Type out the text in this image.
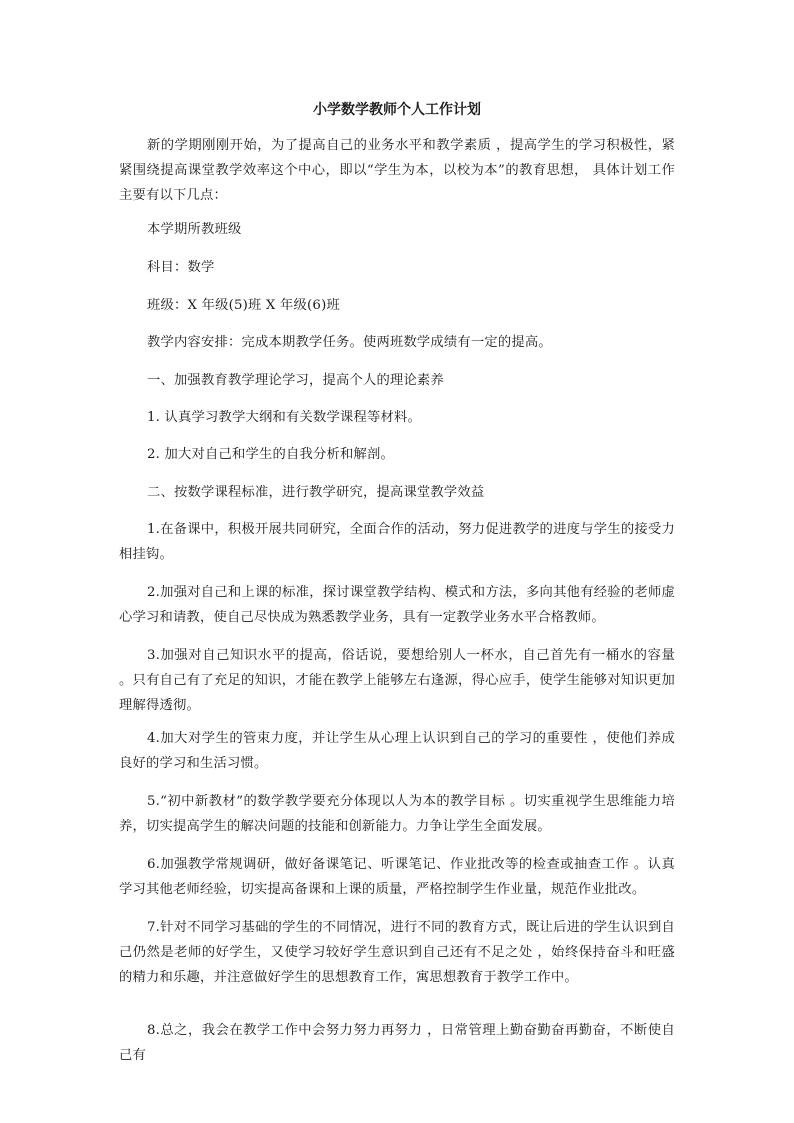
小学数学教师个人工作计划
新的学期刚刚开始，为了提高自己的业务水平和教学素质 ，提高学生的学习积极性，紧紧围绕提高课堂教学效率这个中心，即以“学生为本，以校为本”的教育思想， 具体计划工作主要有以下几点：
本学期所教班级
科目：数学
班级：X 年级(5)班 X 年级(6)班
教学内容安排：完成本期教学任务。使两班数学成绩有一定的提高。
一、加强教育教学理论学习，提高个人的理论素养
1. 认真学习教学大纲和有关数学课程等材料。
2. 加大对自己和学生的自我分析和解剖。
二、按数学课程标准，进行教学研究，提高课堂教学效益
1.在备课中，积极开展共同研究，全面合作的活动，努力促进教学的进度与学生的接受力相挂钩。
2.加强对自己和上课的标准，探讨课堂教学结构、模式和方法，多向其他有经验的老师虚心学习和请教，使自己尽快成为熟悉教学业务，具有一定教学业务水平合格教师。
3.加强对自己知识水平的提高，俗话说，要想给别人一杯水，自己首先有一桶水的容量 。只有自己有了充足的知识，才能在教学上能够左右逢源，得心应手，使学生能够对知识更加理解得透彻。
4.加大对学生的管束力度，并让学生从心理上认识到自己的学习的重要性 ，使他们养成良好的学习和生活习惯。
5.“初中新教材”的数学教学要充分体现以人为本的教学目标 。切实重视学生思维能力培养，切实提高学生的解决问题的技能和创新能力。力争让学生全面发展。
6.加强教学常规调研，做好备课笔记、听课笔记、作业批改等的检查或抽查工作 。认真学习其他老师经验，切实提高备课和上课的质量，严格控制学生作业量，规范作业批改。
7.针对不同学习基础的学生的不同情况，进行不同的教育方式，既让后进的学生认识到自己仍然是老师的好学生，又使学习较好学生意识到自己还有不足之处 ，始终保持奋斗和旺盛的精力和乐趣，并注意做好学生的思想教育工作，寓思想教育于教学工作中。
8.总之，我会在教学工作中会努力努力再努力 ，日常管理上勤奋勤奋再勤奋，不断使自己有
